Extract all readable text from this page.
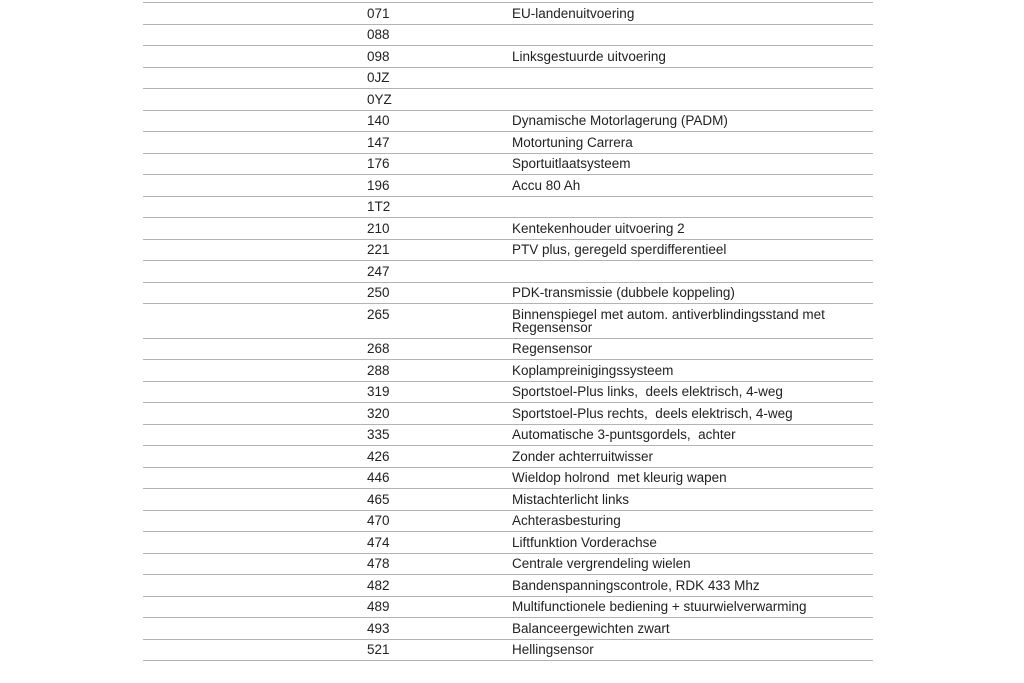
071	EU-landenuitvoering
088
098	Linksgestuurde uitvoering
0JZ
0YZ
140	Dynamische Motorlagerung (PADM)
147	Motortuning Carrera
176	Sportuitlaatsysteem
196	Accu 80 Ah
1T2
210	Kentekenhouder uitvoering 2
221	PTV plus, geregeld sperdifferentieel
247
250	PDK-transmissie (dubbele koppeling)
265	Binnenspiegel met autom. antiverblindingsstand met Regensensor
268	Regensensor
288	Koplampreinigingssysteem
319	Sportstoel-Plus links,  deels elektrisch, 4-weg
320	Sportstoel-Plus rechts,  deels elektrisch, 4-weg
335	Automatische 3-puntsgordels,  achter
426	Zonder achterruitwisser
446	Wieldop holrond  met kleurig wapen
465	Mistachterlicht links
470	Achterasbesturing
474	Liftfunktion Vorderachse
478	Centrale vergrendeling wielen
482	Bandenspanningscontrole, RDK 433 Mhz
489	Multifunctionele bediening + stuurwielverwarming
493	Balanceergewichten zwart
521	Hellingsensor
